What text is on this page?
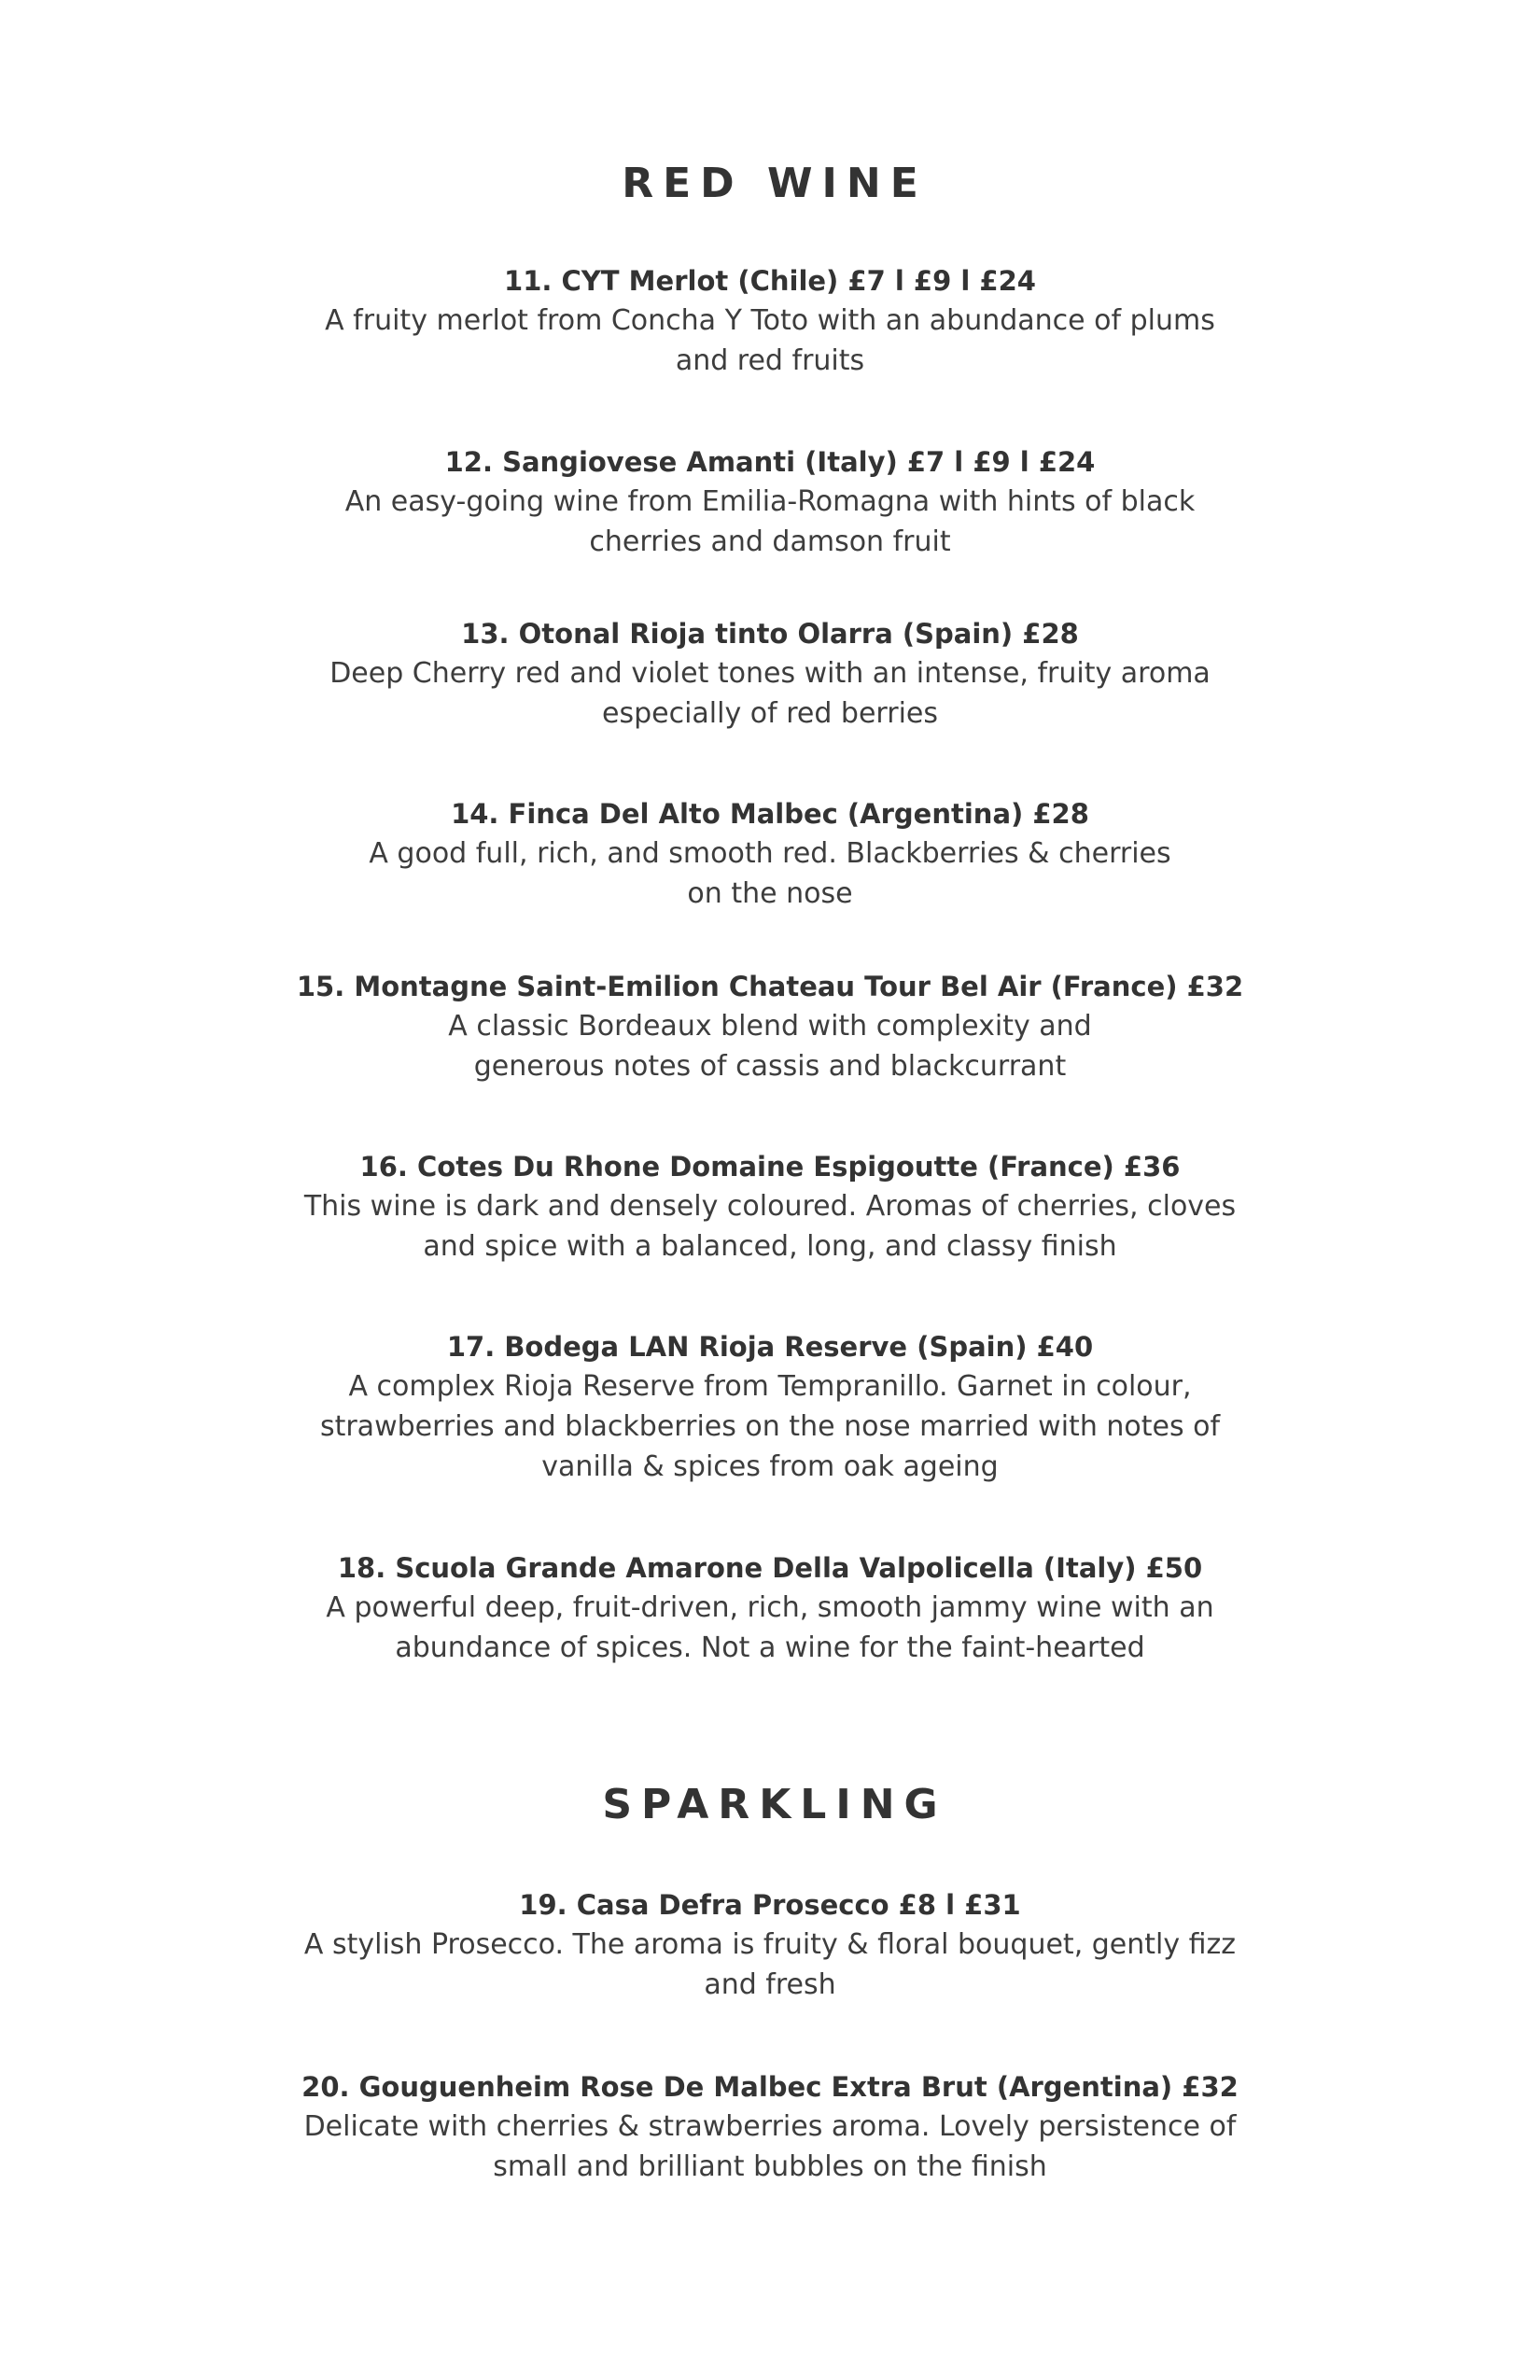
RED WINE
11. CYT Merlot (Chile) £7 l £9 l £24
A fruity merlot from Concha Y Toto with an abundance of plums
and red fruits
12. Sangiovese Amanti (Italy) £7 l £9 l £24
An easy-going wine from Emilia-Romagna with hints of black
cherries and damson fruit
13. Otonal Rioja tinto Olarra (Spain) £28
Deep Cherry red and violet tones with an intense, fruity aroma
especially of red berries
14. Finca Del Alto Malbec (Argentina) £28
A good full, rich, and smooth red. Blackberries & cherries
on the nose
15. Montagne Saint-Emilion Chateau Tour Bel Air (France) £32
A classic Bordeaux blend with complexity and
generous notes of cassis and blackcurrant
16. Cotes Du Rhone Domaine Espigoutte (France) £36
This wine is dark and densely coloured. Aromas of cherries, cloves
and spice with a balanced, long, and classy finish
17. Bodega LAN Rioja Reserve (Spain) £40
A complex Rioja Reserve from Tempranillo. Garnet in colour,
strawberries and blackberries on the nose married with notes of
vanilla & spices from oak ageing
18. Scuola Grande Amarone Della Valpolicella (Italy) £50
A powerful deep, fruit-driven, rich, smooth jammy wine with an
abundance of spices. Not a wine for the faint-hearted
SPARKLING
19. Casa Defra Prosecco £8 l £31
A stylish Prosecco. The aroma is fruity & floral bouquet, gently fizz
and fresh
20. Gouguenheim Rose De Malbec Extra Brut (Argentina) £32
Delicate with cherries & strawberries aroma. Lovely persistence of
small and brilliant bubbles on the finish
